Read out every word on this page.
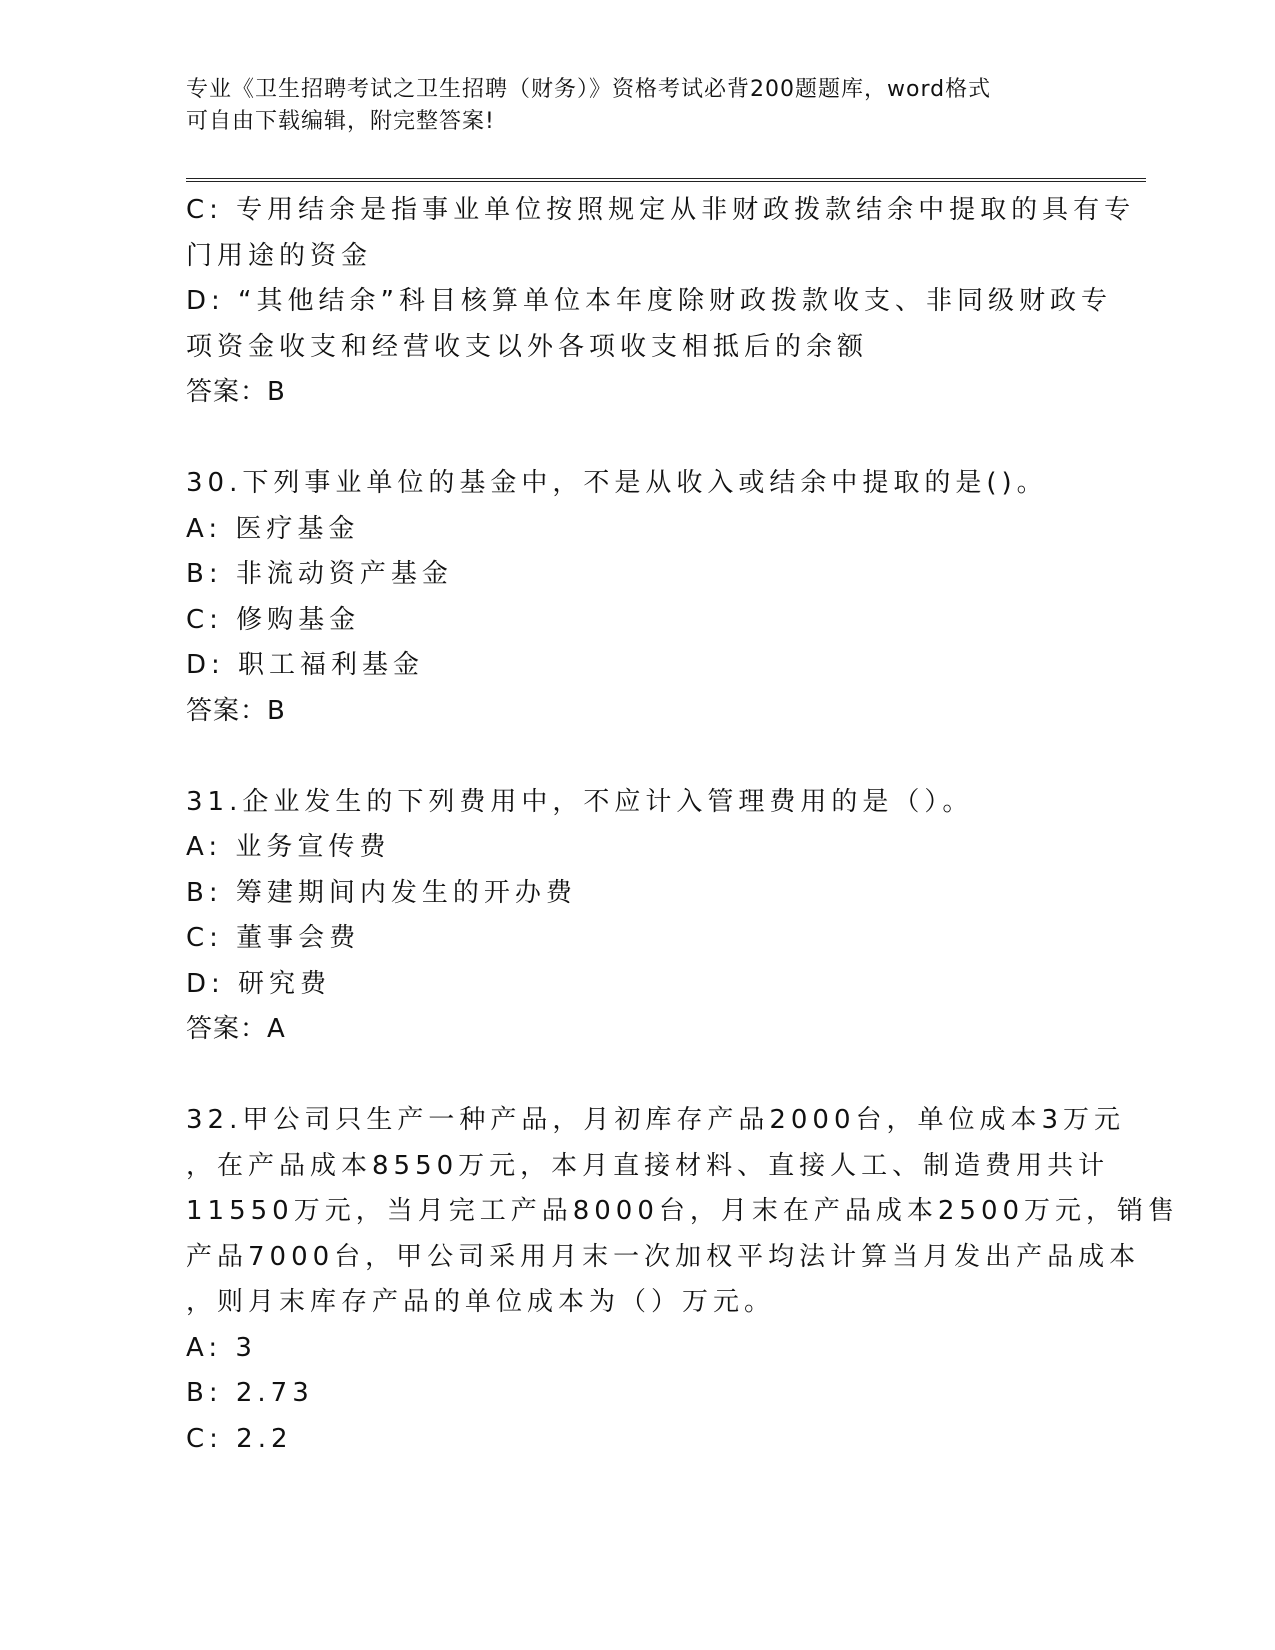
专业《卫生招聘考试之卫生招聘（财务）》资格考试必背200题题库，word格式
可自由下载编辑，附完整答案!
C: 专用结余是指事业单位按照规定从非财政拨款结余中提取的具有专
门用途的资金
D: “其他结余”科目核算单位本年度除财政拨款收支、非同级财政专
项资金收支和经营收支以外各项收支相抵后的余额
答案：B
30.下列事业单位的基金中，不是从收入或结余中提取的是()。
A: 医疗基金
B: 非流动资产基金
C: 修购基金
D: 职工福利基金
答案：B
31.企业发生的下列费用中，不应计入管理费用的是（）。
A: 业务宣传费
B: 筹建期间内发生的开办费
C: 董事会费
D: 研究费
答案：A
32.甲公司只生产一种产品，月初库存产品2000台，单位成本3万元
，在产品成本8550万元，本月直接材料、直接人工、制造费用共计
11550万元，当月完工产品8000台，月末在产品成本2500万元，销售
产品7000台，甲公司采用月末一次加权平均法计算当月发出产品成本
，则月末库存产品的单位成本为（）万元。
A: 3
B: 2.73
C: 2.2
